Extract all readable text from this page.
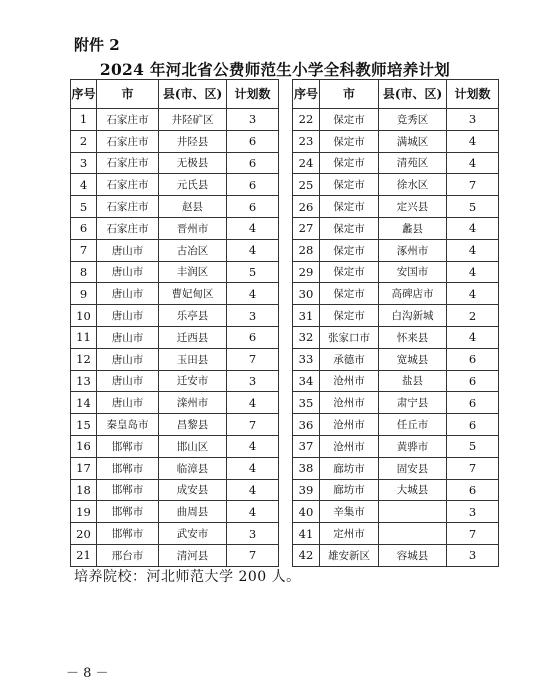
附件 2
2024 年河北省公费师范生小学全科教师培养计划
序号	市	县(市、区)	计划数
1	石家庄市	井陉矿区	3
2	石家庄市	井陉县	6
3	石家庄市	无极县	6
4	石家庄市	元氏县	6
5	石家庄市	赵县	6
6	石家庄市	晋州市	4
7	唐山市	古冶区	4
8	唐山市	丰润区	5
9	唐山市	曹妃甸区	4
10	唐山市	乐亭县	3
11	唐山市	迁西县	6
12	唐山市	玉田县	7
13	唐山市	迁安市	3
14	唐山市	滦州市	4
15	秦皇岛市	昌黎县	7
16	邯郸市	邯山区	4
17	邯郸市	临漳县	4
18	邯郸市	成安县	4
19	邯郸市	曲周县	4
20	邯郸市	武安市	3
21	邢台市	清河县	7
序号	市	县(市、区)	计划数
22	保定市	竞秀区	3
23	保定市	满城区	4
24	保定市	清苑区	4
25	保定市	徐水区	7
26	保定市	定兴县	5
27	保定市	蠡县	4
28	保定市	涿州市	4
29	保定市	安国市	4
30	保定市	高碑店市	4
31	保定市	白沟新城	2
32	张家口市	怀来县	4
33	承德市	宽城县	6
34	沧州市	盐县	6
35	沧州市	肃宁县	6
36	沧州市	任丘市	6
37	沧州市	黄骅市	5
38	廊坊市	固安县	7
39	廊坊市	大城县	6
40	辛集市		3
41	定州市		7
42	雄安新区	容城县	3
培养院校：河北师范大学 200 人。
－ 8 －
